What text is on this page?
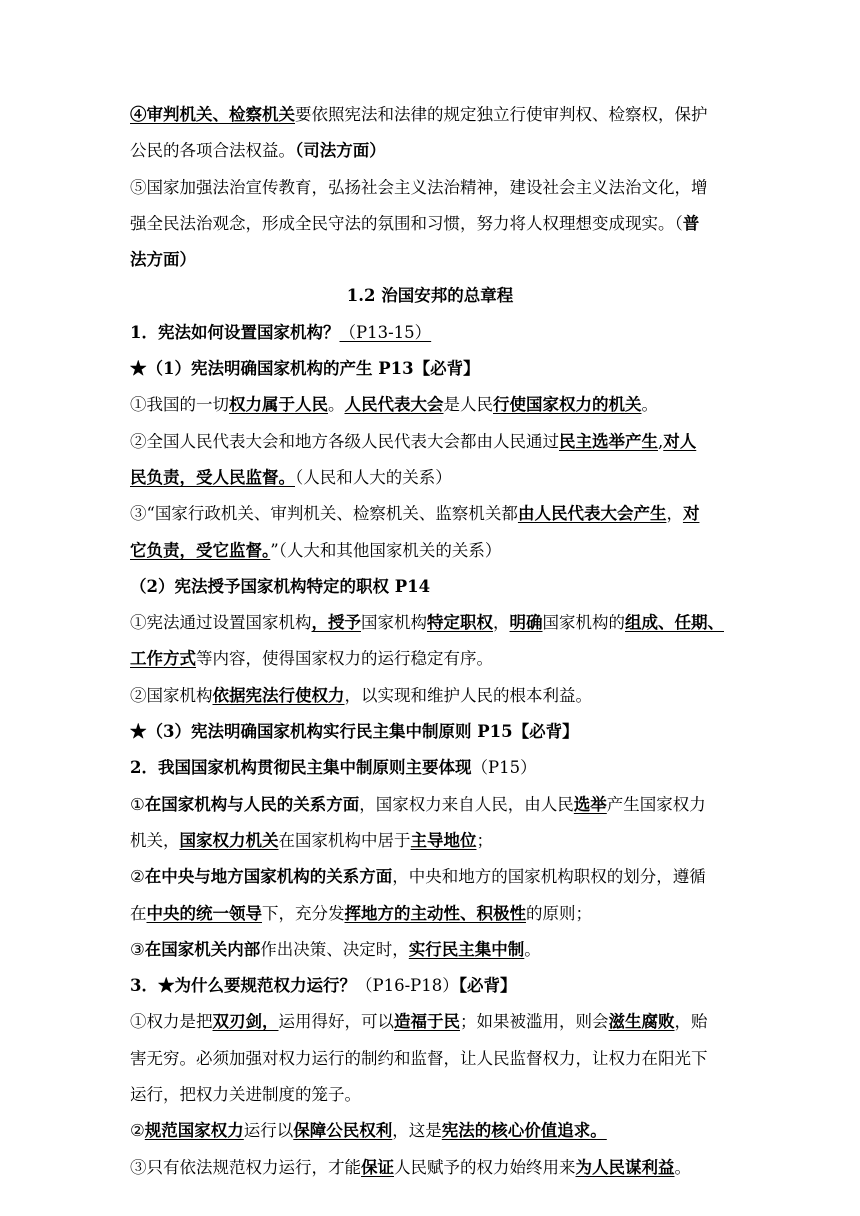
④审判机关、检察机关要依照宪法和法律的规定独立行使审判权、检察权，保护
公民的各项合法权益。（司法方面）
⑤国家加强法治宣传教育，弘扬社会主义法治精神，建设社会主义法治文化，增
强全民法治观念，形成全民守法的氛围和习惯，努力将人权理想变成现实。（普
法方面）
1.2 治国安邦的总章程
1．宪法如何设置国家机构？（P13-15）
★（1）宪法明确国家机构的产生 P13【必背】
①我国的一切权力属于人民。人民代表大会是人民行使国家权力的机关。
②全国人民代表大会和地方各级人民代表大会都由人民通过民主选举产生,对人
民负责，受人民监督。（人民和人大的关系）
③“国家行政机关、审判机关、检察机关、监察机关都由人民代表大会产生，对
它负责，受它监督。”（人大和其他国家机关的关系）
（2）宪法授予国家机构特定的职权 P14
①宪法通过设置国家机构，授予国家机构特定职权，明确国家机构的组成、任期、
工作方式等内容，使得国家权力的运行稳定有序。
②国家机构依据宪法行使权力，以实现和维护人民的根本利益。
★（3）宪法明确国家机构实行民主集中制原则 P15【必背】
2．我国国家机构贯彻民主集中制原则主要体现（P15）
①在国家机构与人民的关系方面，国家权力来自人民，由人民选举产生国家权力
机关，国家权力机关在国家机构中居于主导地位；
②在中央与地方国家机构的关系方面，中央和地方的国家机构职权的划分，遵循
在中央的统一领导下，充分发挥地方的主动性、积极性的原则；
③在国家机关内部作出决策、决定时，实行民主集中制。
3．★为什么要规范权力运行？（P16-P18）【必背】
①权力是把双刃剑，运用得好，可以造福于民；如果被滥用，则会滋生腐败，贻
害无穷。必须加强对权力运行的制约和监督，让人民监督权力，让权力在阳光下
运行，把权力关进制度的笼子。
②规范国家权力运行以保障公民权利，这是宪法的核心价值追求。
③只有依法规范权力运行，才能保证人民赋予的权力始终用来为人民谋利益。
